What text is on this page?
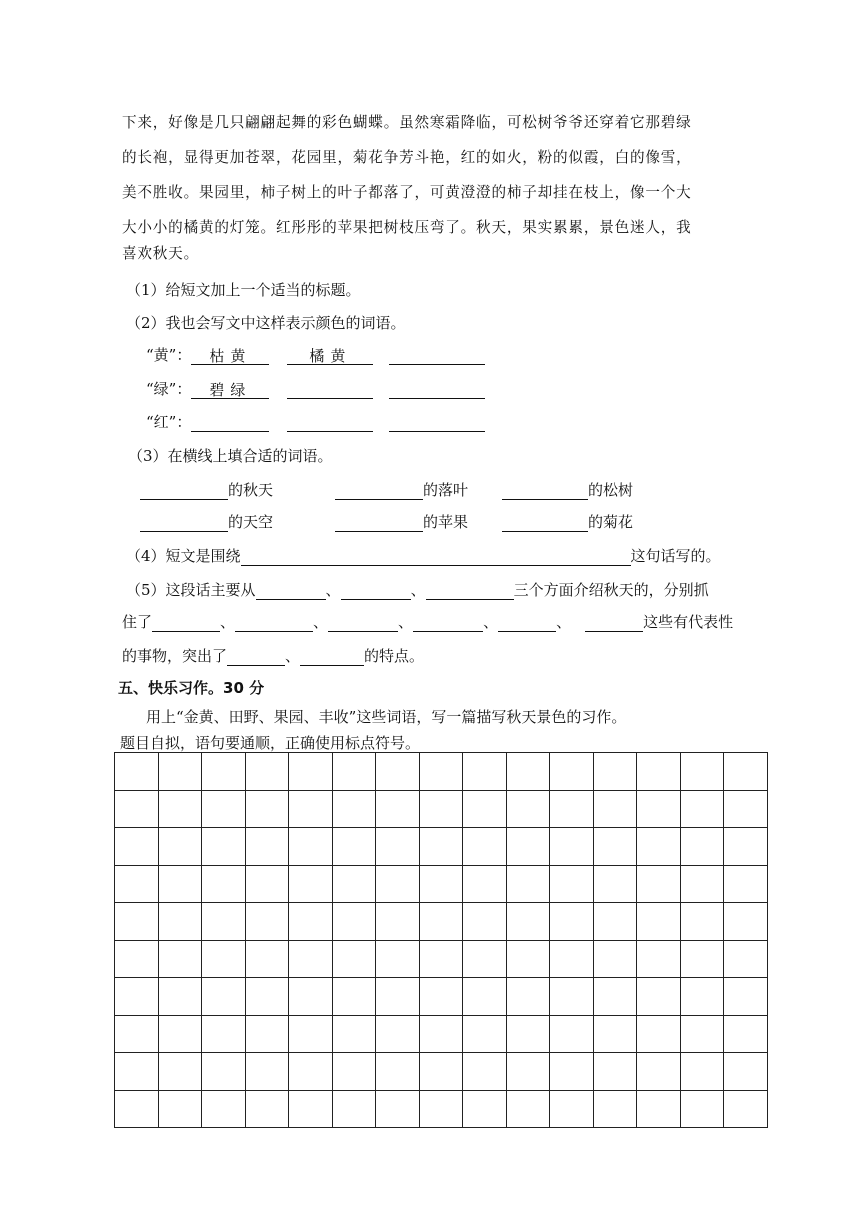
下来，好像是几只翩翩起舞的彩色蝴蝶。虽然寒霜降临，可松树爷爷还穿着它那碧绿
的长袍，显得更加苍翠，花园里，菊花争芳斗艳，红的如火，粉的似霞，白的像雪，
美不胜收。果园里，柿子树上的叶子都落了，可黄澄澄的柿子却挂在枝上，像一个大
大小小的橘黄的灯笼。红彤彤的苹果把树枝压弯了。秋天，果实累累，景色迷人，我
喜欢秋天。
（1）给短文加上一个适当的标题。
（2）我也会写文中这样表示颜色的词语。
“黄”： 枯黄	橘黄
“绿”： 碧绿
“红”：
（3）在横线上填合适的词语。
的秋天	的落叶	的松树
的天空	的苹果	的菊花
（4）短文是围绕	这句话写的。
（5）这段话主要从	、	、	三个方面介绍秋天的，分别抓
住了	、	、	、	、	、	这些有代表性
的事物，突出了	、	的特点。
五、快乐习作。30 分
用上“金黄、田野、果园、丰收”这些词语，写一篇描写秋天景色的习作。
题目自拟，语句要通顺，正确使用标点符号。
